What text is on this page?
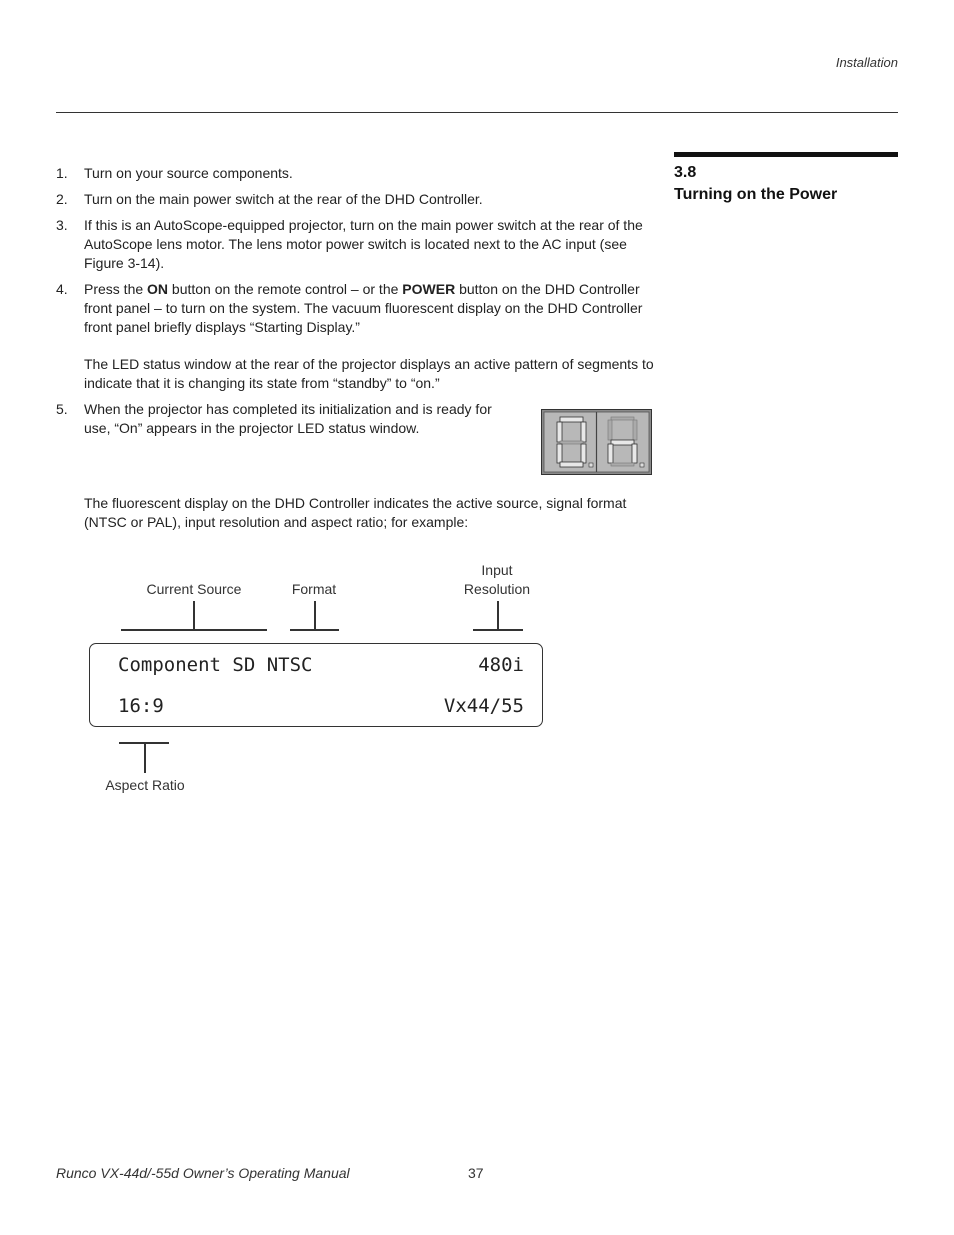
Installation
3.8
Turning on the Power
1.	Turn on your source components.
2.	Turn on the main power switch at the rear of the DHD Controller.
3.	If this is an AutoScope-equipped projector, turn on the main power switch at the rear of the AutoScope lens motor. The lens motor power switch is located next to the AC input (see Figure 3-14).
4.	Press the ON button on the remote control – or the POWER button on the DHD Controller front panel – to turn on the system. The vacuum fluorescent display on the DHD Controller front panel briefly displays “Starting Display.”
The LED status window at the rear of the projector displays an active pattern of segments to indicate that it is changing its state from “standby” to “on.”
5.	When the projector has completed its initialization and is ready for use, “On” appears in the projector LED status window.
The fluorescent display on the DHD Controller indicates the active source, signal format (NTSC or PAL), input resolution and aspect ratio; for example:
Current Source	Format
Input
Resolution
Component SD NTSC	480i
16:9	Vx44/55
Aspect Ratio
Runco VX-44d/-55d Owner’s Operating Manual	37
